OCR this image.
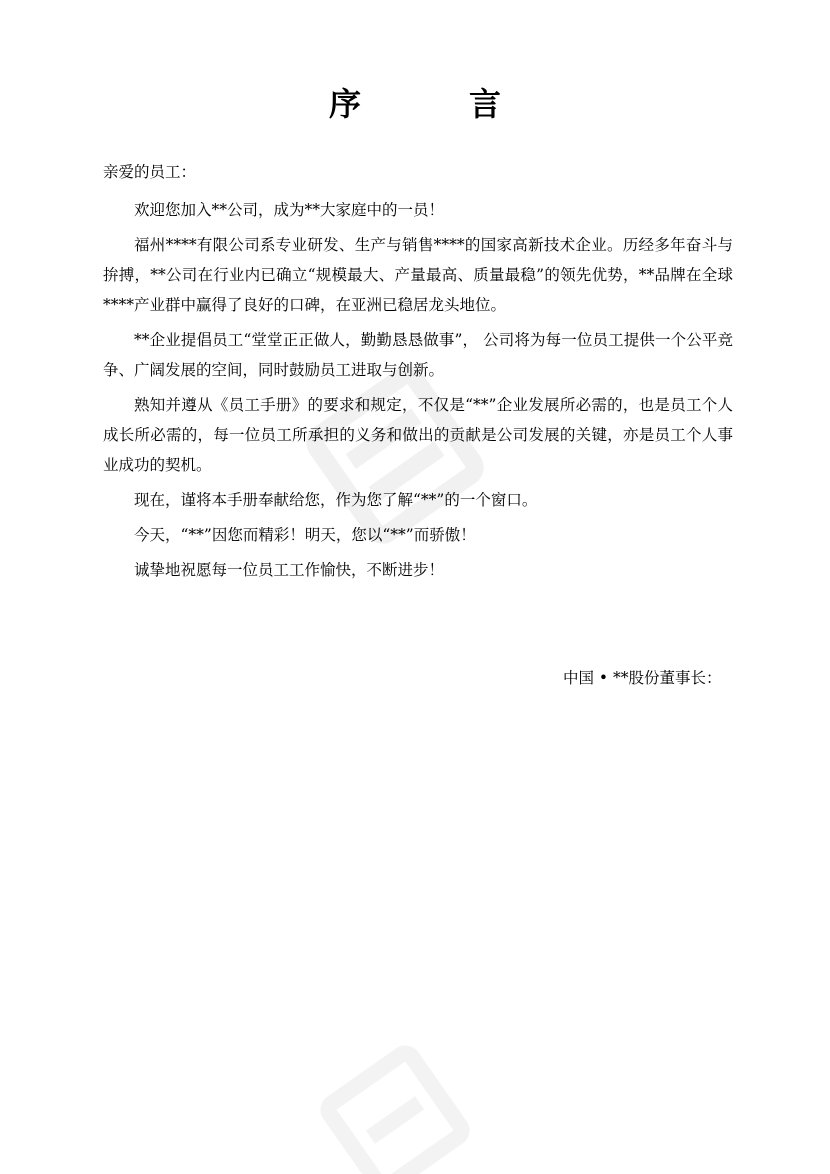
序	言

亲爱的员工：

欢迎您加入**公司，成为**大家庭中的一员！

福州****有限公司系专业研发、生产与销售****的国家高新技术企业。历经多年奋斗与拚搏，**公司在行业内已确立“规模最大、产量最高、质量最稳”的领先优势，**品牌在全球****产业群中赢得了良好的口碑，在亚洲已稳居龙头地位。

**企业提倡员工“堂堂正正做人，勤勤恳恳做事”， 公司将为每一位员工提供一个公平竞争、广阔发展的空间，同时鼓励员工进取与创新。

熟知并遵从《员工手册》的要求和规定，不仅是“**”企业发展所必需的，也是员工个人成长所必需的，每一位员工所承担的义务和做出的贡献是公司发展的关键，亦是员工个人事业成功的契机。

现在，谨将本手册奉献给您，作为您了解“**”的一个窗口。

今天，“**”因您而精彩！明天，您以“**”而骄傲！

诚挚地祝愿每一位员工工作愉快，不断进步！

中国 • **股份董事长：
